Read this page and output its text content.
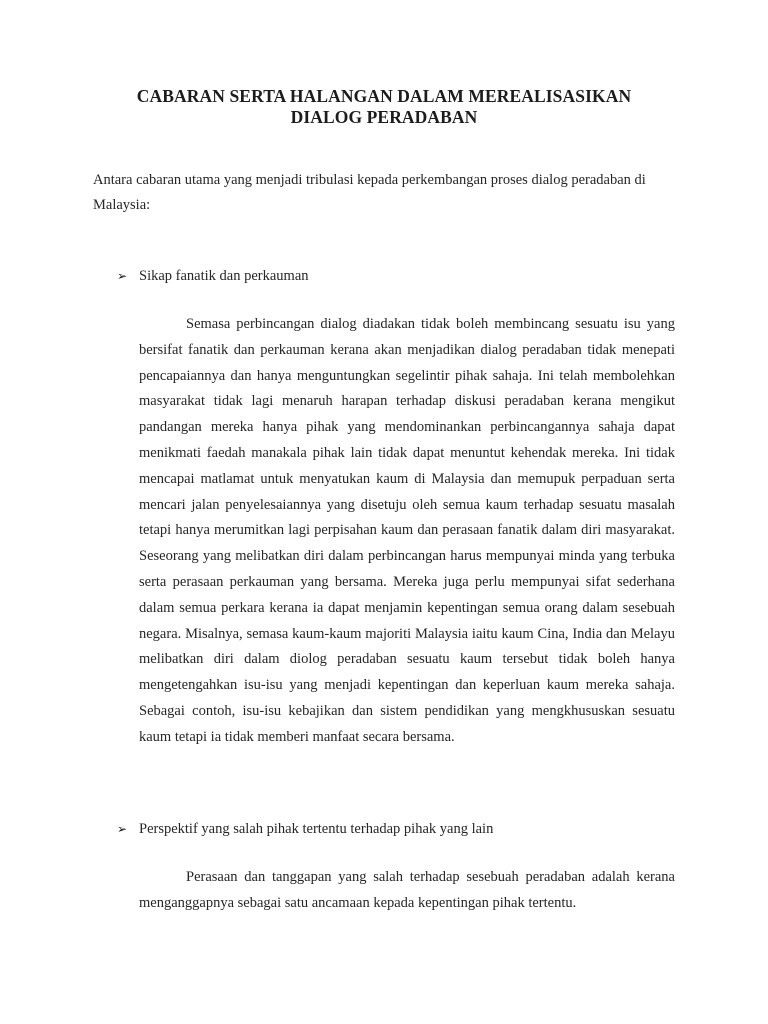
CABARAN SERTA HALANGAN DALAM MEREALISASIKAN
DIALOG PERADABAN
Antara cabaran utama yang menjadi tribulasi kepada perkembangan proses dialog peradaban di Malaysia:
➢ Sikap fanatik dan perkauman
Semasa perbincangan dialog diadakan tidak boleh membincang sesuatu isu yang bersifat fanatik dan perkauman kerana akan menjadikan dialog peradaban tidak menepati pencapaiannya dan hanya menguntungkan segelintir pihak sahaja. Ini telah membolehkan masyarakat tidak lagi menaruh harapan terhadap diskusi peradaban kerana mengikut pandangan mereka hanya pihak yang mendominankan perbincangannya sahaja dapat menikmati faedah manakala pihak lain tidak dapat menuntut kehendak mereka. Ini tidak mencapai matlamat untuk menyatukan kaum di Malaysia dan memupuk perpaduan serta mencari jalan penyelesaiannya yang disetuju oleh semua kaum terhadap sesuatu masalah tetapi hanya merumitkan lagi perpisahan kaum dan perasaan fanatik dalam diri masyarakat. Seseorang yang melibatkan diri dalam perbincangan harus mempunyai minda yang terbuka serta perasaan perkauman yang bersama. Mereka juga perlu mempunyai sifat sederhana dalam semua perkara kerana ia dapat menjamin kepentingan semua orang dalam sesebuah negara. Misalnya, semasa kaum-kaum majoriti Malaysia iaitu kaum Cina, India dan Melayu melibatkan diri dalam diolog peradaban sesuatu kaum tersebut tidak boleh hanya mengetengahkan isu-isu yang menjadi kepentingan dan keperluan kaum mereka sahaja. Sebagai contoh, isu-isu kebajikan dan sistem pendidikan yang mengkhususkan sesuatu kaum tetapi ia tidak memberi manfaat secara bersama.
➢ Perspektif yang salah pihak tertentu terhadap pihak yang lain
Perasaan dan tanggapan yang salah terhadap sesebuah peradaban adalah kerana menganggapnya sebagai satu ancamaan kepada kepentingan pihak tertentu.
